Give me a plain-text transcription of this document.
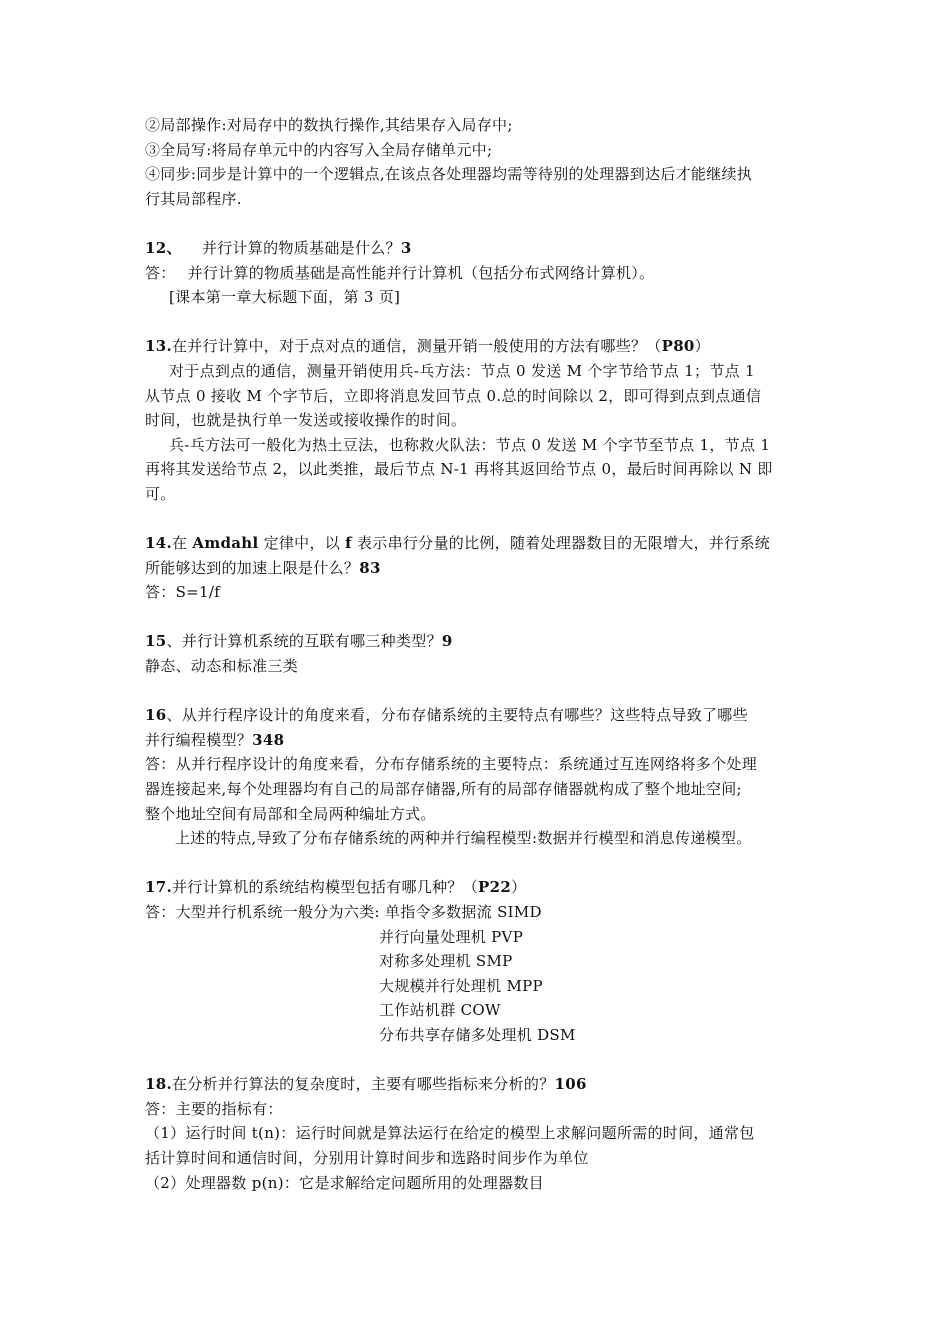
②局部操作:对局存中的数执行操作,其结果存入局存中;
③全局写:将局存单元中的内容写入全局存储单元中;
④同步:同步是计算中的一个逻辑点,在该点各处理器均需等待别的处理器到达后才能继续执
行其局部程序.
12、 并行计算的物质基础是什么？3
答： 并行计算的物质基础是高性能并行计算机（包括分布式网络计算机）。
[课本第一章大标题下面，第 3 页]
13.在并行计算中，对于点对点的通信，测量开销一般使用的方法有哪些？（P80）
对于点到点的通信，测量开销使用兵-乓方法：节点 0 发送 M 个字节给节点 1；节点 1
从节点 0 接收 M 个字节后，立即将消息发回节点 0.总的时间除以 2，即可得到点到点通信
时间，也就是执行单一发送或接收操作的时间。
兵-乓方法可一般化为热土豆法，也称救火队法：节点 0 发送 M 个字节至节点 1，节点 1
再将其发送给节点 2，以此类推，最后节点 N-1 再将其返回给节点 0，最后时间再除以 N 即
可。
14.在 Amdahl 定律中，以 f 表示串行分量的比例，随着处理器数目的无限增大，并行系统
所能够达到的加速上限是什么？83
答：S=1/f
15、并行计算机系统的互联有哪三种类型？9
静态、动态和标准三类
16、从并行程序设计的角度来看，分布存储系统的主要特点有哪些？这些特点导致了哪些
并行编程模型？348
答：从并行程序设计的角度来看，分布存储系统的主要特点：系统通过互连网络将多个处理
器连接起来,每个处理器均有自己的局部存储器,所有的局部存储器就构成了整个地址空间;
整个地址空间有局部和全局两种编址方式。
上述的特点,导致了分布存储系统的两种并行编程模型:数据并行模型和消息传递模型。
17.并行计算机的系统结构模型包括有哪几种？（P22）
答：大型并行机系统一般分为六类: 单指令多数据流 SIMD
并行向量处理机 PVP
对称多处理机 SMP
大规模并行处理机 MPP
工作站机群 COW
分布共享存储多处理机 DSM
18.在分析并行算法的复杂度时，主要有哪些指标来分析的？106
答：主要的指标有：
（1）运行时间 t(n)：运行时间就是算法运行在给定的模型上求解问题所需的时间，通常包
括计算时间和通信时间，分别用计算时间步和选路时间步作为单位
（2）处理器数 p(n)：它是求解给定问题所用的处理器数目
